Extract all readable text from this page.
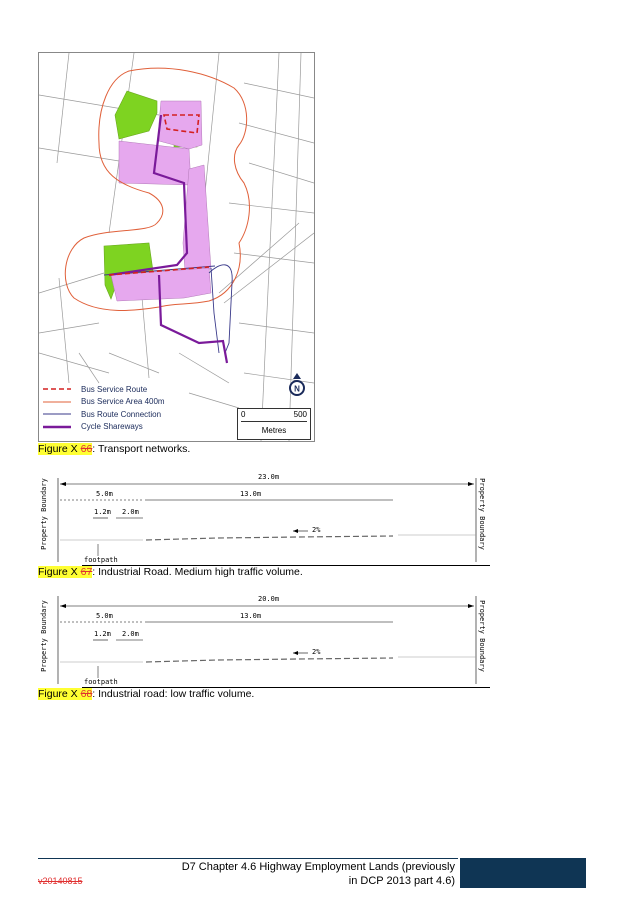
N
Bus Service Route
Bus Service Area 400m
Bus Route Connection
Cycle Shareways
0	500
Metres
Figure X 66: Transport networks.
23.0m
5.0m	13.0m
1.2m 2.0m
2%
footpath
Property Boundary	Property Boundary
Figure X 67: Industrial Road. Medium high traffic volume.
20.0m
5.0m	13.0m
1.2m 2.0m
2%
footpath
Property Boundary	Property Boundary
Figure X 68: Industrial road: low traffic volume.
D7 Chapter 4.6 Highway Employment Lands (previously
in DCP 2013 part 4.6)
v20140815
